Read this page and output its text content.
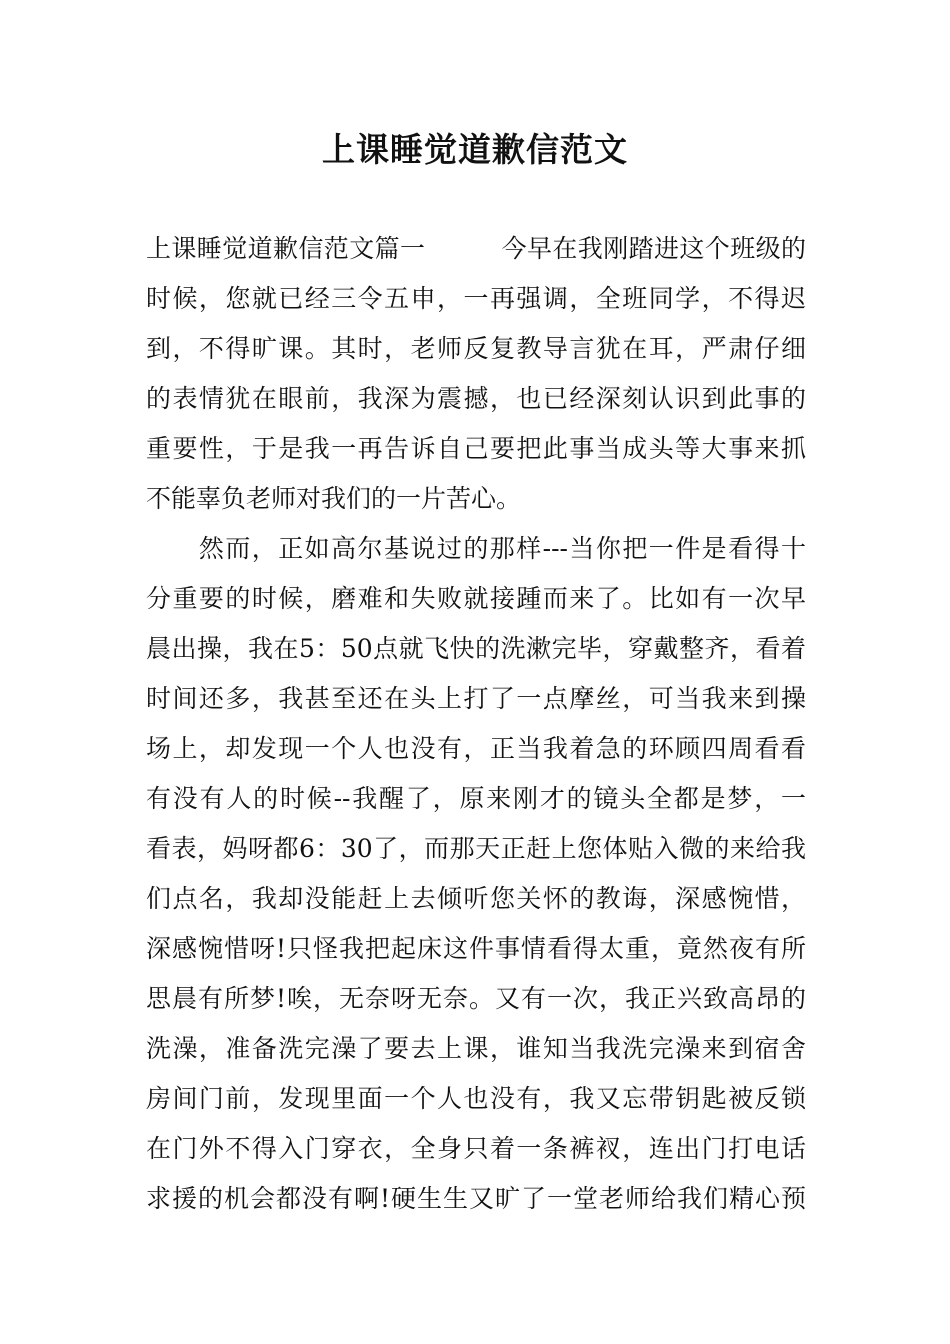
上课睡觉道歉信范文
上课睡觉道歉信范文篇一　　　今早在我刚踏进这个班级的
时候，您就已经三令五申，一再强调，全班同学，不得迟
到，不得旷课。其时，老师反复教导言犹在耳，严肃仔细
的表情犹在眼前，我深为震撼，也已经深刻认识到此事的
重要性，于是我一再告诉自己要把此事当成头等大事来抓
不能辜负老师对我们的一片苦心。
　　然而，正如高尔基说过的那样---当你把一件是看得十
分重要的时候，磨难和失败就接踵而来了。比如有一次早
晨出操，我在5：50点就飞快的洗漱完毕，穿戴整齐，看着
时间还多，我甚至还在头上打了一点摩丝，可当我来到操
场上，却发现一个人也没有，正当我着急的环顾四周看看
有没有人的时候--我醒了，原来刚才的镜头全都是梦，一
看表，妈呀都6：30了，而那天正赶上您体贴入微的来给我
们点名，我却没能赶上去倾听您关怀的教诲，深感惋惜，
深感惋惜呀!只怪我把起床这件事情看得太重，竟然夜有所
思晨有所梦!唉，无奈呀无奈。又有一次，我正兴致高昂的
洗澡，准备洗完澡了要去上课，谁知当我洗完澡来到宿舍
房间门前，发现里面一个人也没有，我又忘带钥匙被反锁
在门外不得入门穿衣，全身只着一条裤衩，连出门打电话
求援的机会都没有啊!硬生生又旷了一堂老师给我们精心预
